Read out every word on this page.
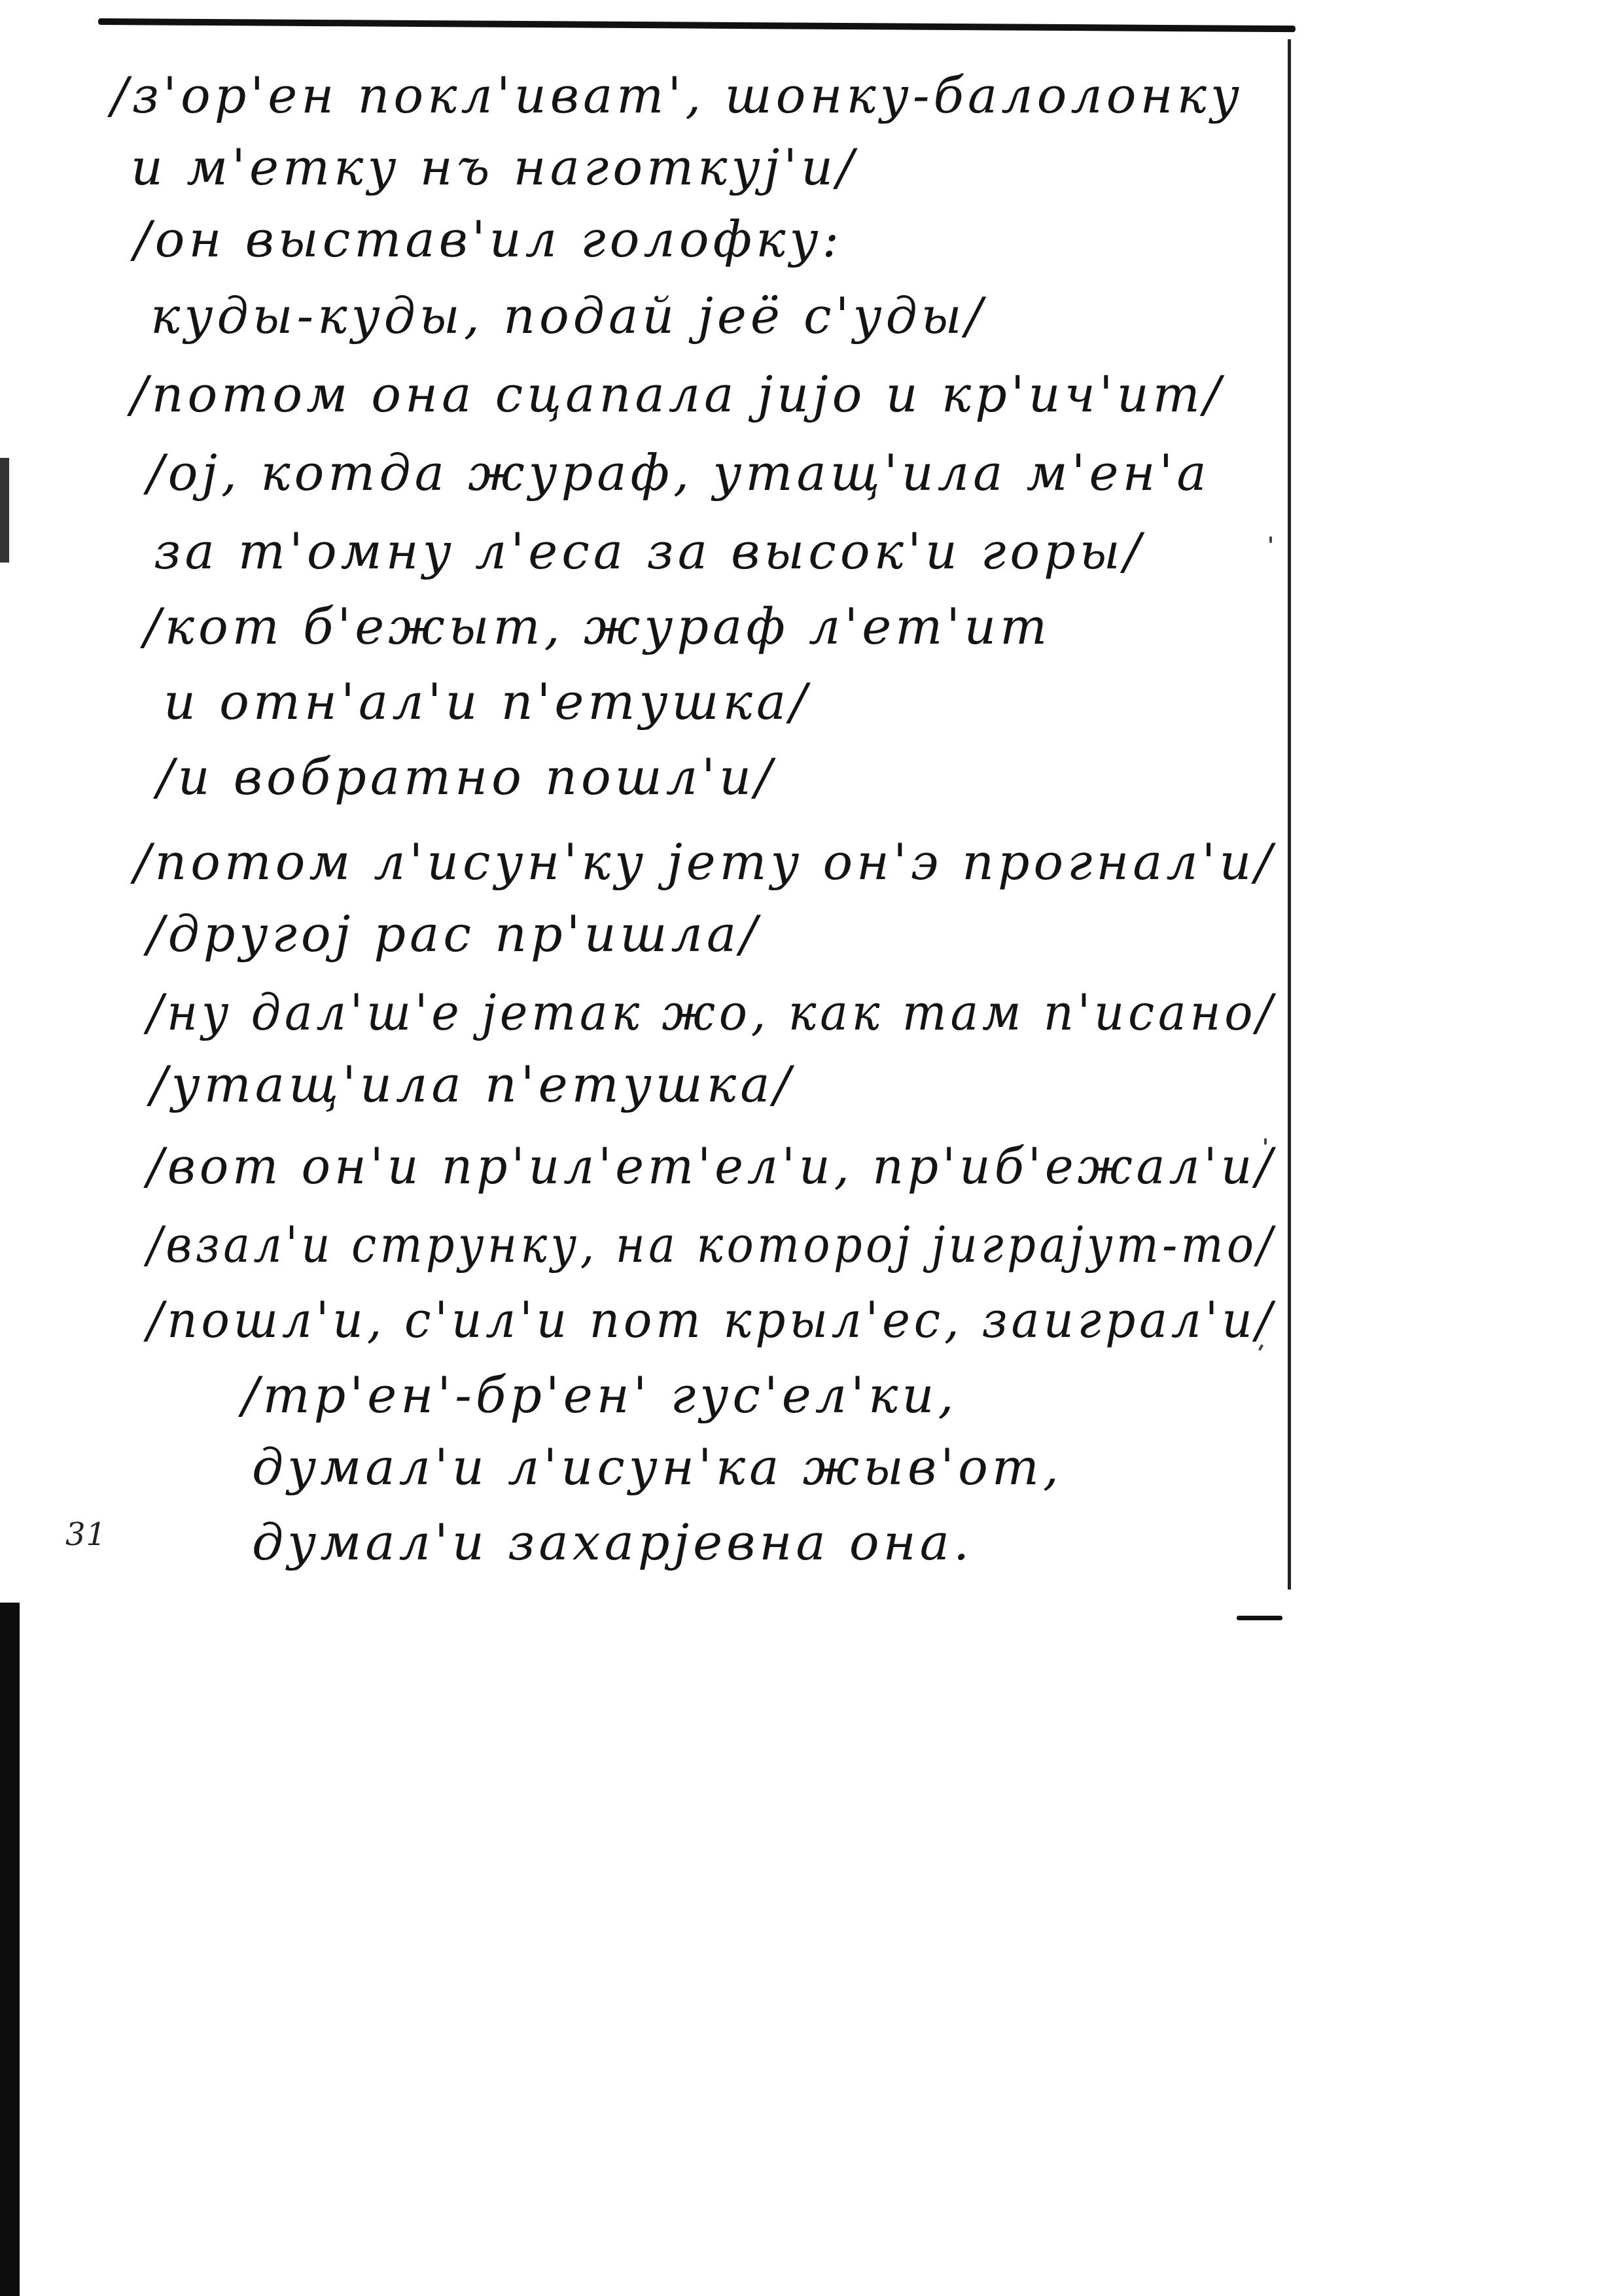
/з'ор'ен покл'иват', шонку-балолонку
и м'етку нъ наготкуј'и/
/он выстав'ил голофку:
куды-куды, подай јеё с'уды/
/потом она сцапала јијо и кр'ич'ит/
/ој, котда жураф, утащ'ила м'ен'а
за т'омну л'еса за высок'и горы/
/кот б'ежыт, жураф л'ет'ит
и отн'ал'и п'етушка/
/и вобратно пошл'и/
/потом л'исун'ку јету он'э прогнал'и/
/другој рас пр'ишла/
/ну дал'ш'е јетак жо, как там п'исано/
/утащ'ила п'етушка/
/вот он'и пр'ил'ет'ел'и, пр'иб'ежал'и/
/взал'и струнку, на которој јиграјут-то/
/пошл'и, с'ил'и пот крыл'ес, заиграл'и/
/тр'ен'-бр'ен' гус'ел'ки,
думал'и л'исун'ка жыв'от,
думал'и захарјевна она.
31
